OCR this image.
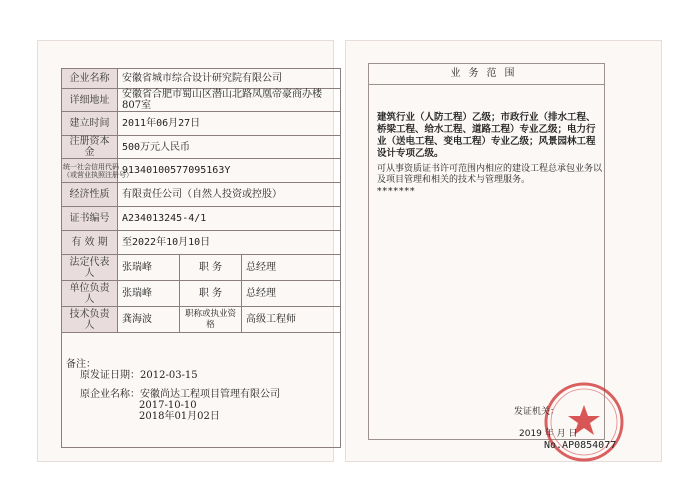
企业名称	安徽省城市综合设计研究院有限公司		
详细地址	安徽省合肥市蜀山区潜山北路凤凰帝豪商办楼807室		
建立时间	2011年06月27日		
注册资本金	500万元人民币		

统一社会信用代码
（或营业执照注册号）	91340100577095163Y		
经济性质	有限责任公司（自然人投资或控股）		
证书编号	A234013245-4/1		
有 效 期	至2022年10月10日		
法定代表人	张瑞峰	职 务	总经理
单位负责人	张瑞峰	职 务	总经理
技术负责人	龚海波	职称或执业资格	高级工程师

备注：
原发证日期：2012-03-15
原企业名称：安徽尚达工程项目管理有限公司
2017-10-10
2018年01月02日			
业务范围
建筑行业（人防工程）乙级；市政行业（排水工程、桥梁工程、给水工程、道路工程）专业乙级；电力行业（送电工程、变电工程）专业乙级；风景园林工程设计专项乙级。
可从事资质证书许可范围内相应的建设工程总承包业务以及项目管理和相关的技术与管理服务。
*******
发证机关：
2019 年 月 日
No.AP0854077
